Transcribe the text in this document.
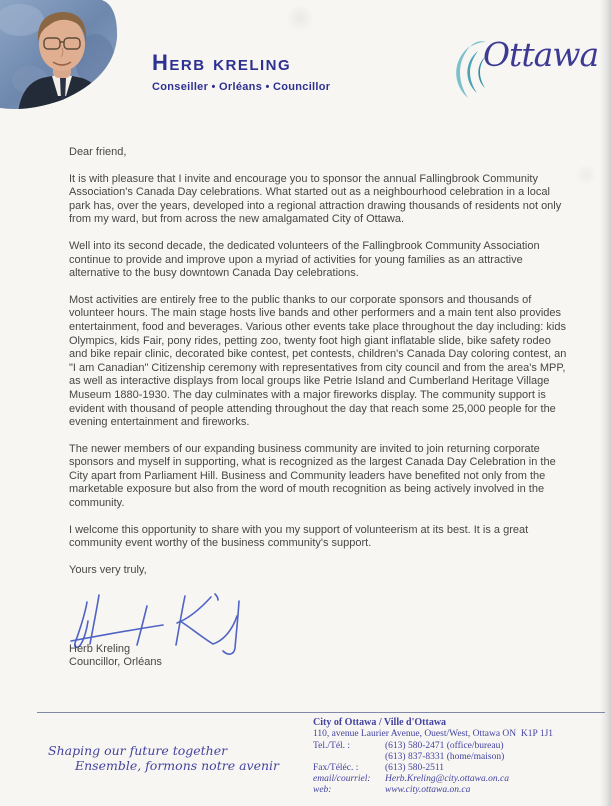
Herb kreling
Conseiller • Orléans • Councillor
Ottawa

Dear friend,

It is with pleasure that I invite and encourage you to sponsor the annual Fallingbrook Community Association's Canada Day celebrations. What started out as a neighbourhood celebration in a local park has, over the years, developed into a regional attraction drawing thousands of residents not only from my ward, but from across the new amalgamated City of Ottawa.

Well into its second decade, the dedicated volunteers of the Fallingbrook Community Association continue to provide and improve upon a myriad of activities for young families as an attractive alternative to the busy downtown Canada Day celebrations.

Most activities are entirely free to the public thanks to our corporate sponsors and thousands of volunteer hours. The main stage hosts live bands and other performers and a main tent also provides entertainment, food and beverages. Various other events take place throughout the day including: kids Olympics, kids Fair, pony rides, petting zoo, twenty foot high giant inflatable slide, bike safety rodeo and bike repair clinic, decorated bike contest, pet contests, children's Canada Day coloring contest, an "I am Canadian" Citizenship ceremony with representatives from city council and from the area's MPP, as well as interactive displays from local groups like Petrie Island and Cumberland Heritage Village Museum 1880-1930. The day culminates with a major fireworks display. The community support is evident with thousand of people attending throughout the day that reach some 25,000 people for the evening entertainment and fireworks.

The newer members of our expanding business community are invited to join returning corporate sponsors and myself in supporting, what is recognized as the largest Canada Day Celebration in the City apart from Parliament Hill. Business and Community leaders have benefited not only from the marketable exposure but also from the word of mouth recognition as being actively involved in the community.

I welcome this opportunity to share with you my support of volunteerism at its best. It is a great community event worthy of the business community's support.

Yours very truly,

Herb Kreling
Councillor, Orléans
Shaping our future together
Ensemble, formons notre avenir
City of Ottawa / Ville d'Ottawa
110, avenue Laurier Avenue, Ouest/West, Ottawa ON  K1P 1J1
Tel./Tél. :	(613) 580-2471 (office/bureau)
(613) 837-8331 (home/maison)
Fax/Téléc. :	(613) 580-2511
email/courriel:	Herb.Kreling@city.ottawa.on.ca
web:	www.city.ottawa.on.ca
